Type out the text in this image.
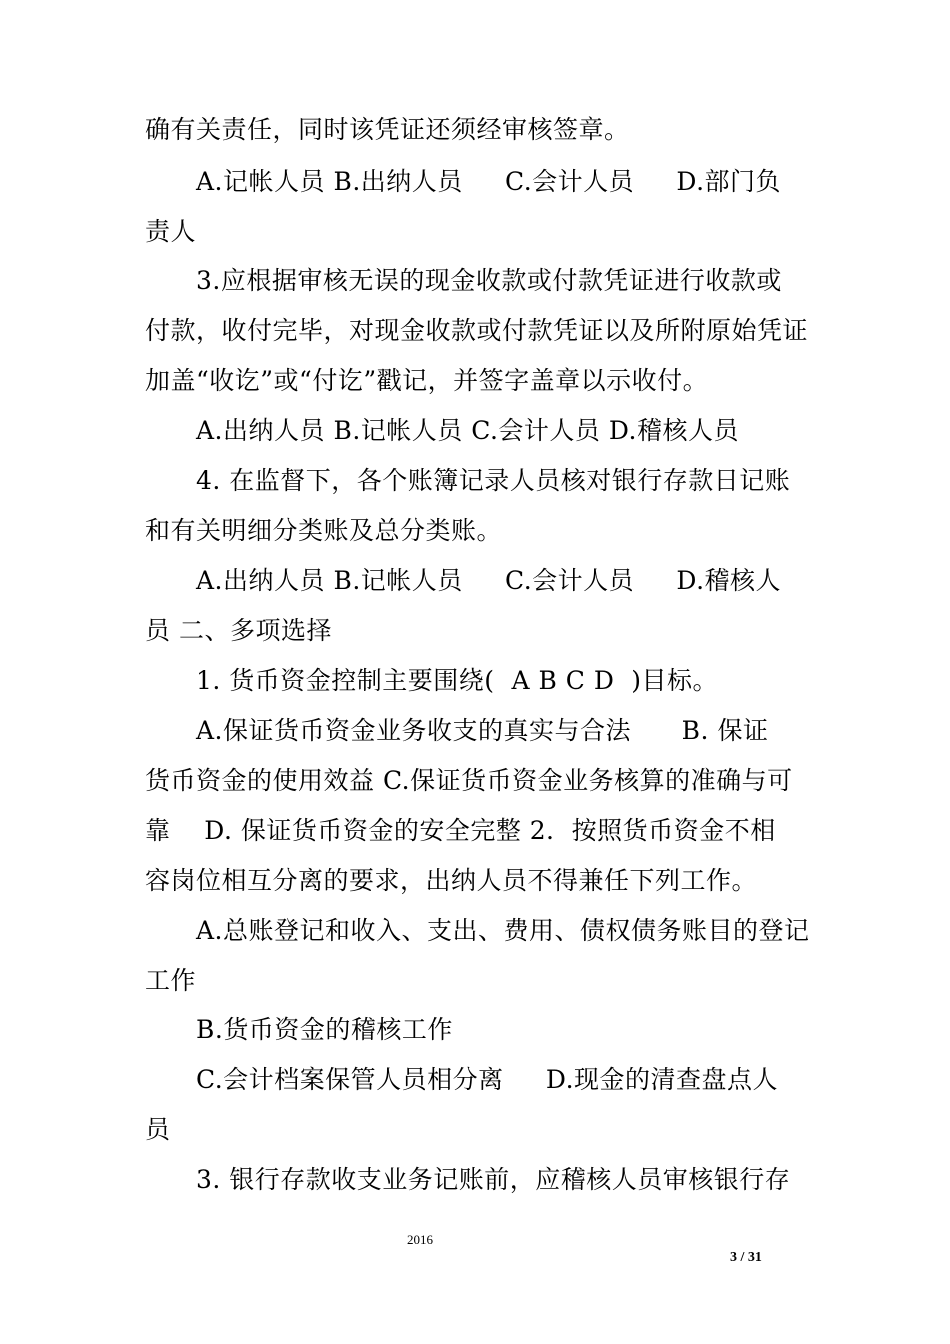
确有关责任，同时该凭证还须经审核签章。
A.记帐人员 B.出纳人员     C.会计人员     D.部门负
责人
3.应根据审核无误的现金收款或付款凭证进行收款或
付款，收付完毕，对现金收款或付款凭证以及所附原始凭证
加盖“收讫”或“付讫”戳记，并签字盖章以示收付。
A.出纳人员 B.记帐人员 C.会计人员 D.稽核人员
4. 在监督下，各个账簿记录人员核对银行存款日记账
和有关明细分类账及总分类账。
A.出纳人员 B.记帐人员     C.会计人员     D.稽核人
员 二、多项选择
1. 货币资金控制主要围绕(  A B C D  )目标。
A.保证货币资金业务收支的真实与合法      B. 保证
货币资金的使用效益 C.保证货币资金业务核算的准确与可
靠    D. 保证货币资金的安全完整 2．按照货币资金不相
容岗位相互分离的要求，出纳人员不得兼任下列工作。
A.总账登记和收入、支出、费用、债权债务账目的登记
工作
B.货币资金的稽核工作
C.会计档案保管人员相分离     D.现金的清查盘点人
员
3. 银行存款收支业务记账前，应稽核人员审核银行存
2016
3 / 31
